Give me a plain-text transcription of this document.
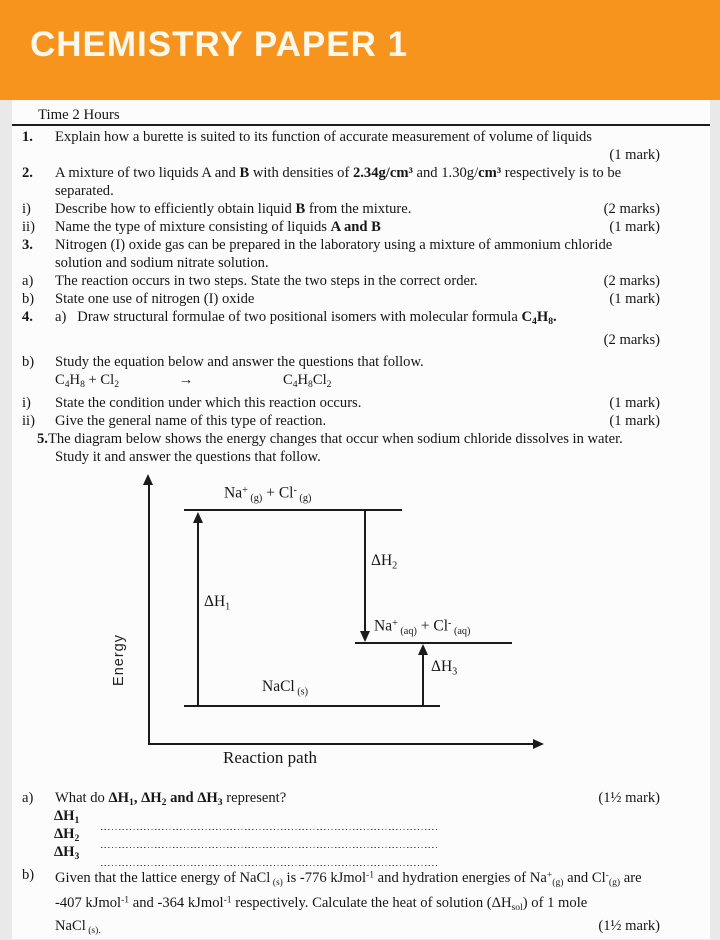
CHEMISTRY PAPER 1
Time 2 Hours
1.	Explain how a burette is suited to its function of accurate measurement of volume of liquids
(1 mark)
2.	A mixture of two liquids A and B with densities of 2.34g/cm³ and 1.30g/cm³ respectively is to be separated.
i)	Describe how to efficiently obtain liquid B from the mixture.	(2 marks)
ii)	Name the type of mixture consisting of liquids A and B	(1 mark)
3.	Nitrogen (I) oxide gas can be prepared in the laboratory using a mixture of ammonium chloride solution and sodium nitrate solution.
a)	The reaction occurs in two steps. State the two steps in the correct order.	(2 marks)
b)	State one use of nitrogen (I) oxide	(1 mark)
4.	a)   Draw structural formulae of two positional isomers with molecular formula $C_4H_8$.
(2 marks)
b)	Study the equation below and answer the questions that follow.
$C_4H_8 + Cl_2$	→	$C_4H_8Cl_2$
i)	State the condition under which this reaction occurs.	(1 mark)
ii)	Give the general name of this type of reaction.	(1 mark)
5.The diagram below shows the energy changes that occur when sodium chloride dissolves in water.
Study it and answer the questions that follow.
Energy
Reaction path
Na+ $_{(g)}$ + Cl- $_{(g)}$
$\Delta H_1$
$\Delta H_2$
Na+ $_{(aq)}$ + Cl- $_{(aq)}$
$\Delta H_3$
NaCl $_{(s)}$
a)	What do $\Delta H_1$, $\Delta H_2$ and $\Delta H_3$ represent?	(1½ mark)
$\Delta H_1$
$\Delta H_2$
$\Delta H_3$
b)	Given that the lattice energy of NaCl $_{(s)}$ is -776 kJmol$^{-1}$ and hydration energies of $Na^+_{(g)}$ and $Cl^-_{(g)}$ are -407 kJmol$^{-1}$ and -364 kJmol$^{-1}$ respectively. Calculate the heat of solution $(\Delta H_{sol})$ of 1 mole
NaCl $_{(s).}$	(1½ mark)
